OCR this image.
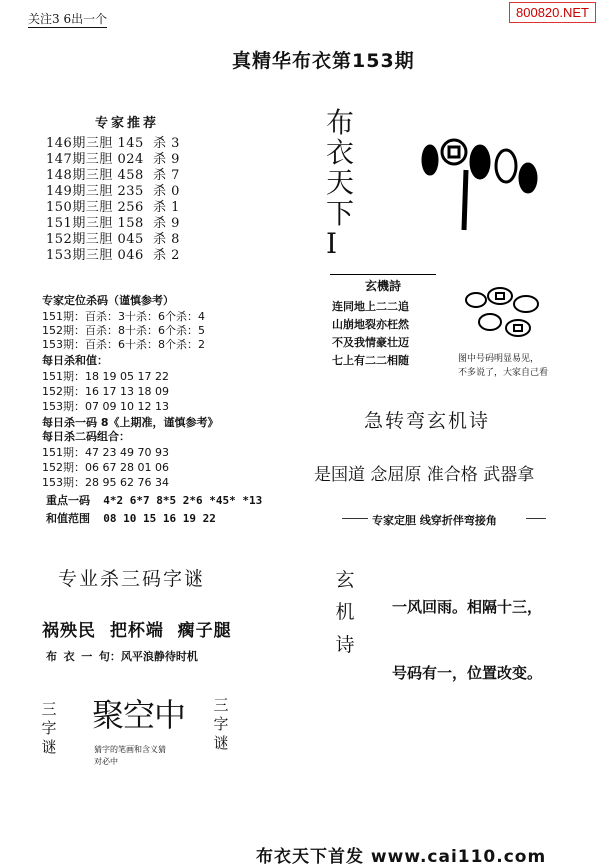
800820.NET
关注3 6出一个
真精华布衣第153期
专家推荐
146期三胆 145  杀 3
147期三胆 024  杀 9
148期三胆 458  杀 7
149期三胆 235  杀 0
150期三胆 256  杀 1
151期三胆 158  杀 9
152期三胆 045  杀 8
153期三胆 046  杀 2
专家定位杀码（谨慎参考）
151期：百杀：3十杀：6个杀：4
152期：百杀：8十杀：6个杀：5
153期：百杀：6十杀：8个杀：2
每日杀和值：
151期：18 19 05 17 22
152期：16 17 13 18 09
153期：07 09 10 12 13
每日杀一码 8《上期准，谨慎参考》
每日杀二码组合：
151期：47 23 49 70 93
152期：06 67 28 01 06
153期：28 95 62 76 34
重点一码  4*2 6*7 8*5 2*6 *45* *13
和值范围  08 10 15 16 19 22
布
衣
天
下
I
玄機詩
连同地上二二追
山崩地裂亦枉然
不及我情豪壮迈
七上有二二相随	图中号码明显易见，
不多说了，大家自己看
急转弯玄机诗
是国道 念屈原 准合格 武器拿
专家定胆 线穿折伴弯接角
玄
机
诗

一风回雨。相隔十三，

号码有一，位置改变。

专业杀三码字谜
祸殃民  把杯端  瘸子腿
布 衣 一 句：风平浪静待时机
三
字
谜
聚空中
猜字的笔画和含义猜
对必中
三
字
谜
布衣天下首发 www.cai110.com
